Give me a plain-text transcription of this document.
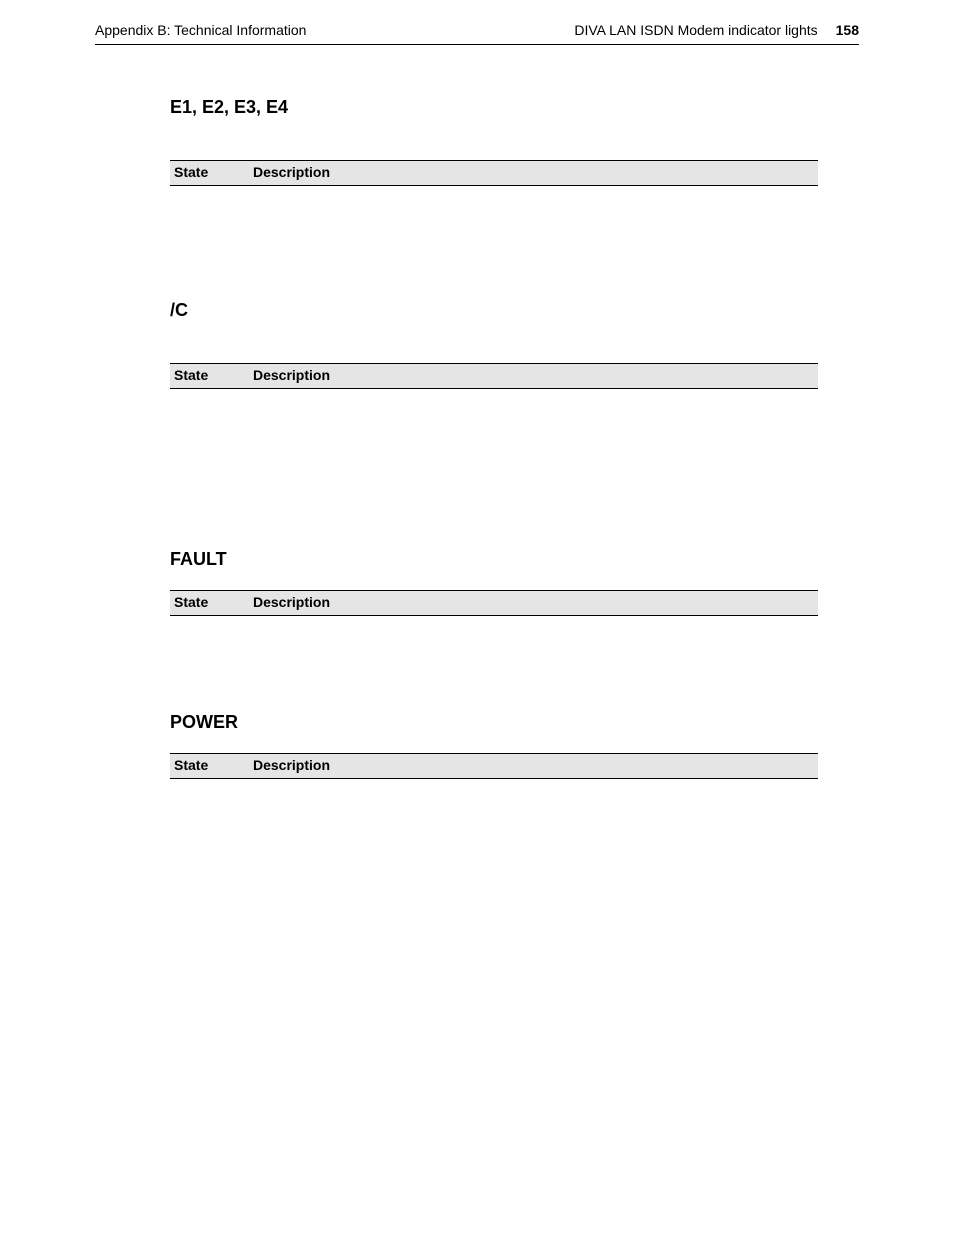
Appendix B: Technical Information	DIVA LAN ISDN Modem indicator lights 158
E1, E2, E3, E4
State	Description
/C
State	Description
FAULT
State	Description
POWER
State	Description
